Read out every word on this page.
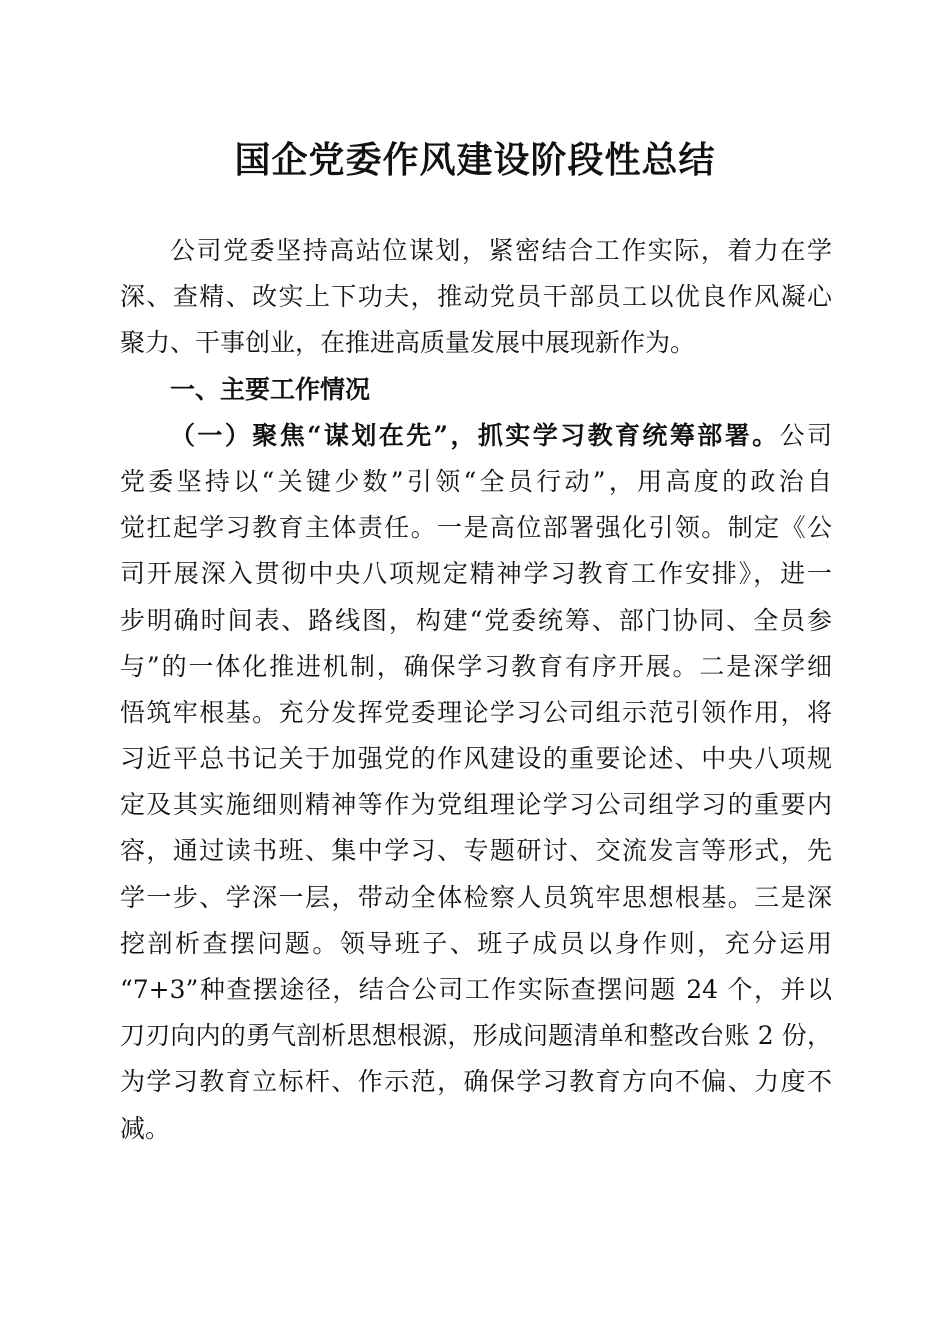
国企党委作风建设阶段性总结
公司党委坚持高站位谋划，紧密结合工作实际，着力在学
深、查精、改实上下功夫，推动党员干部员工以优良作风凝心
聚力、干事创业，在推进高质量发展中展现新作为。
一、主要工作情况
（一）聚焦“谋划在先”，抓实学习教育统筹部署。公司
党委坚持以“关键少数”引领“全员行动”，用高度的政治自
觉扛起学习教育主体责任。一是高位部署强化引领。制定《公
司开展深入贯彻中央八项规定精神学习教育工作安排》，进一
步明确时间表、路线图，构建“党委统筹、部门协同、全员参
与”的一体化推进机制，确保学习教育有序开展。二是深学细
悟筑牢根基。充分发挥党委理论学习公司组示范引领作用，将
习近平总书记关于加强党的作风建设的重要论述、中央八项规
定及其实施细则精神等作为党组理论学习公司组学习的重要内
容，通过读书班、集中学习、专题研讨、交流发言等形式，先
学一步、学深一层，带动全体检察人员筑牢思想根基。三是深
挖剖析查摆问题。领导班子、班子成员以身作则，充分运用
“7+3”种查摆途径，结合公司工作实际查摆问题 24 个，并以
刀刃向内的勇气剖析思想根源，形成问题清单和整改台账 2 份，
为学习教育立标杆、作示范，确保学习教育方向不偏、力度不
减。
